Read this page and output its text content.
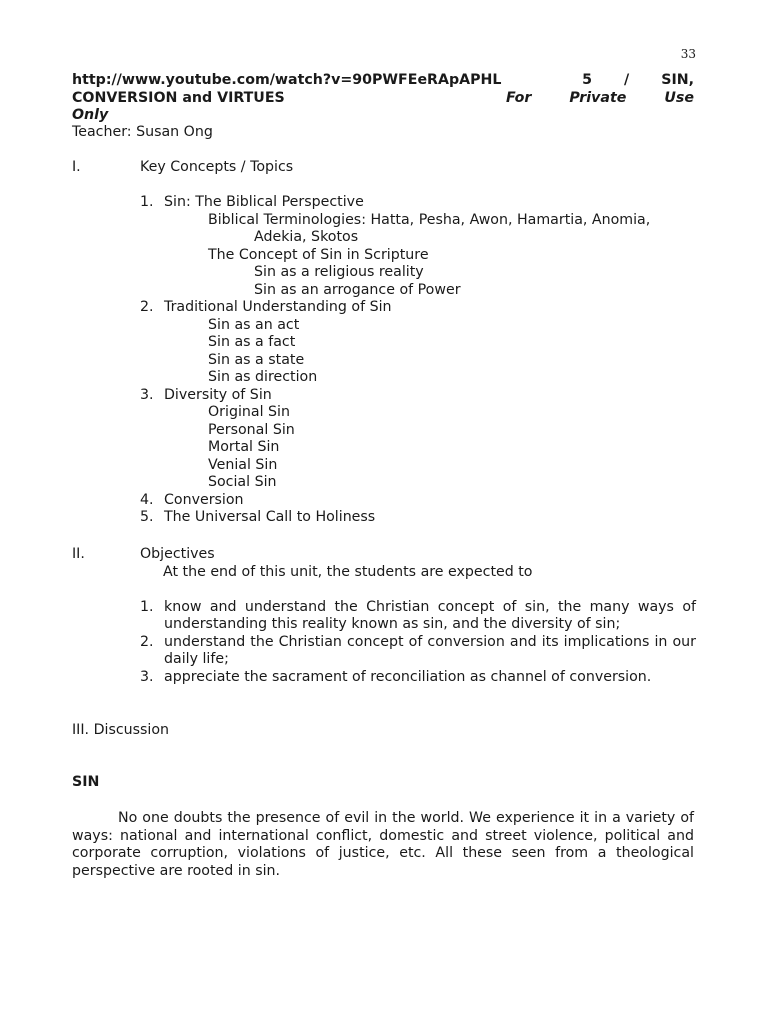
33
http://www.youtube.com/watch?v=90PWFEeRApAPHL	5 / SIN,
CONVERSION and VIRTUES	For	Private	Use
Only
Teacher: Susan Ong
I.	Key Concepts / Topics
1. Sin: The Biblical Perspective
Biblical Terminologies: Hatta, Pesha, Awon, Hamartia, Anomia,
Adekia, Skotos
The Concept of Sin in Scripture
Sin as a religious reality
Sin as an arrogance of Power
2. Traditional Understanding of Sin
Sin as an act
Sin as a fact
Sin as a state
Sin as direction
3. Diversity of Sin
Original Sin
Personal Sin
Mortal Sin
Venial Sin
Social Sin
4. Conversion
5. The Universal Call to Holiness
II.	Objectives
At the end of this unit, the students are expected to
1. know and understand the Christian concept of sin, the many ways of understanding this reality known as sin, and the diversity of sin;
2. understand the Christian concept of conversion and its implications in our daily life;
3. appreciate the sacrament of reconciliation as channel of conversion.
III. Discussion
SIN
No one doubts the presence of evil in the world. We experience it in a variety of ways: national and international conflict, domestic and street violence, political and corporate corruption, violations of justice, etc. All these seen from a theological perspective are rooted in sin.
